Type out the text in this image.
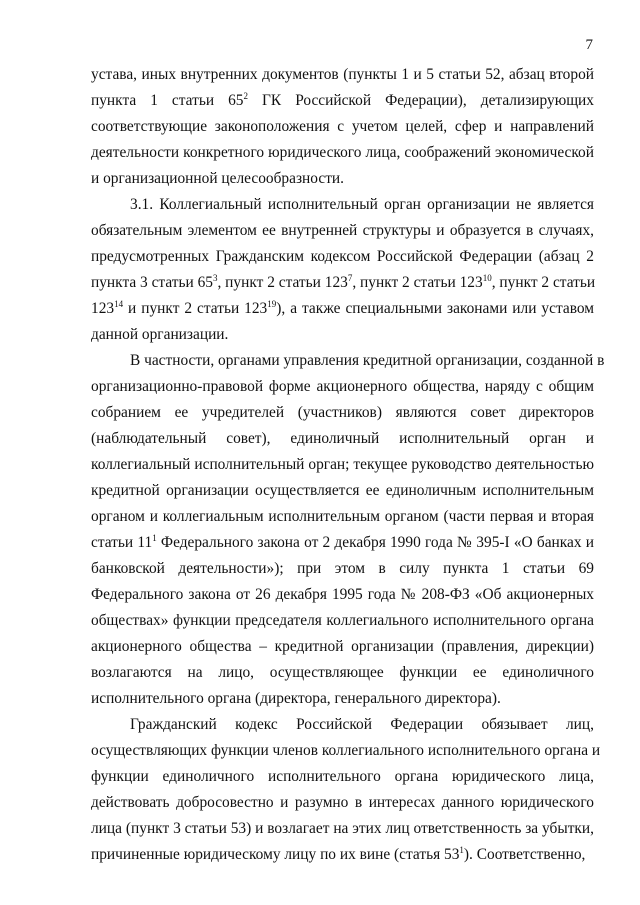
7
устава, иных внутренних документов (пункты 1 и 5 статьи 52, абзац второй
пункта 1 статьи $65^2$ ГК Российской Федерации), детализирующих
соответствующие законоположения с учетом целей, сфер и направлений
деятельности конкретного юридического лица, соображений экономической
и организационной целесообразности.
3.1. Коллегиальный исполнительный орган организации не является
обязательным элементом ее внутренней структуры и образуется в случаях,
предусмотренных Гражданским кодексом Российской Федерации (абзац 2
пункта 3 статьи $65^3$, пункт 2 статьи $123^7$, пункт 2 статьи $123^{10}$, пункт 2 статьи
$123^{14}$ и пункт 2 статьи $123^{19}$), а также специальными законами или уставом
данной организации.
В частности, органами управления кредитной организации, созданной в
организационно-правовой форме акционерного общества, наряду с общим
собранием ее учредителей (участников) являются совет директоров
(наблюдательный совет), единоличный исполнительный орган и
коллегиальный исполнительный орган; текущее руководство деятельностью
кредитной организации осуществляется ее единоличным исполнительным
органом и коллегиальным исполнительным органом (части первая и вторая
статьи $11^1$ Федерального закона от 2 декабря 1990 года № 395-I «О банках и
банковской деятельности»); при этом в силу пункта 1 статьи 69
Федерального закона от 26 декабря 1995 года № 208-ФЗ «Об акционерных
обществах» функции председателя коллегиального исполнительного органа
акционерного общества – кредитной организации (правления, дирекции)
возлагаются на лицо, осуществляющее функции ее единоличного
исполнительного органа (директора, генерального директора).
Гражданский кодекс Российской Федерации обязывает лиц,
осуществляющих функции членов коллегиального исполнительного органа и
функции единоличного исполнительного органа юридического лица,
действовать добросовестно и разумно в интересах данного юридического
лица (пункт 3 статьи 53) и возлагает на этих лиц ответственность за убытки,
причиненные юридическому лицу по их вине (статья $53^1$). Соответственно,
